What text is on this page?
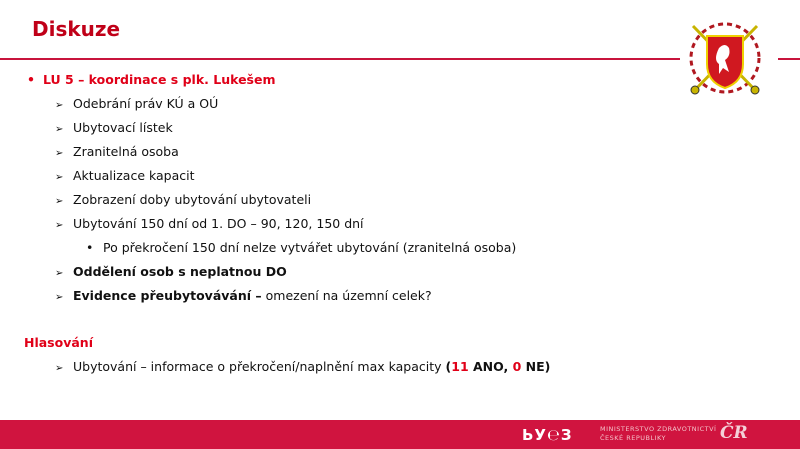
Diskuze
• LU 5 – koordinace s plk. Lukešem
➢ Odebrání práv KÚ a OÚ
➢ Ubytovací lístek
➢ Zranitelná osoba
➢ Aktualizace kapacit
➢ Zobrazení doby ubytování ubytovateli
➢ Ubytování 150 dní od 1. DO – 90, 120, 150 dní
• Po překročení 150 dní nelze vytvářet ubytování (zranitelná osoba)
➢ Oddělení osob s neplatnou DO
➢ Evidence přeubytovávání – omezení na územní celek?
Hlasování
➢ Ubytování – informace o překročení/naplnění max kapacity (11 ANO, 0 NE)
ЬУ℮З	MINISTERSTVO ZDRAVOTNICTVÍ
ČESKÉ REPUBLIKY	ČR
